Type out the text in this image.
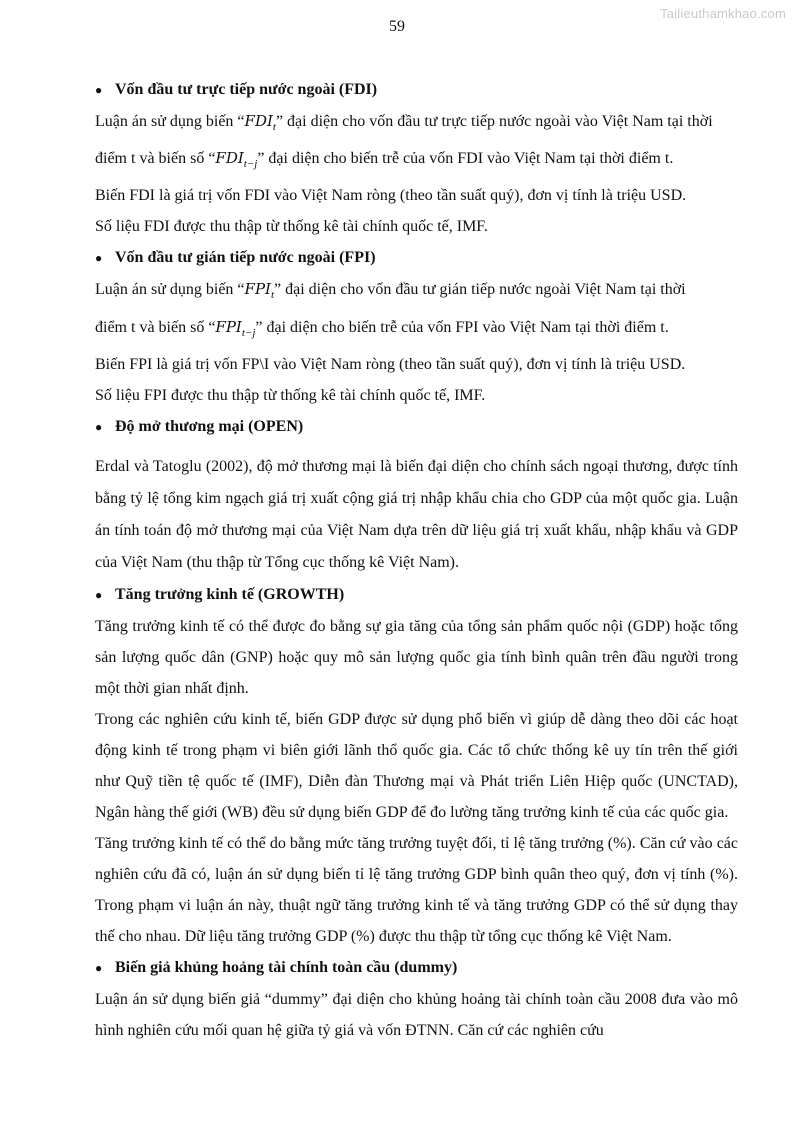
Tailieuthamkhao.com
59
● Vốn đầu tư trực tiếp nước ngoài (FDI)

Luận án sử dụng biến “$FDI_t$” đại diện cho vốn đầu tư trực tiếp nước ngoài vào Việt Nam tại thời

điểm t và biến số “$FDI_{t-j}$” đại diện cho biến trễ của vốn FDI vào Việt Nam tại thời điểm t.

Biến FDI là giá trị vốn FDI vào Việt Nam ròng (theo tần suất quý), đơn vị tính là triệu USD.

Số liệu FDI được thu thập từ thống kê tài chính quốc tế, IMF.

● Vốn đầu tư gián tiếp nước ngoài (FPI)

Luận án sử dụng biến “$FPI_t$” đại diện cho vốn đầu tư gián tiếp nước ngoài Việt Nam tại thời

điểm t và biến số “$FPI_{t-j}$” đại diện cho biến trễ của vốn FPI vào Việt Nam tại thời điểm t.

Biến FPI là giá trị vốn FP\I vào Việt Nam ròng (theo tần suất quý), đơn vị tính là triệu USD.

Số liệu FPI được thu thập từ thống kê tài chính quốc tế, IMF.

● Độ mở thương mại (OPEN)

Erdal và Tatoglu (2002), độ mở thương mại là biến đại diện cho chính sách ngoại thương, được tính bằng tỷ lệ tổng kim ngạch giá trị xuất cộng giá trị nhập khẩu chia cho GDP của một quốc gia. Luận án tính toán độ mở thương mại của Việt Nam dựa trên dữ liệu giá trị xuất khẩu, nhập khẩu và GDP của Việt Nam (thu thập từ Tổng cục thống kê Việt Nam).

● Tăng trưởng kinh tế (GROWTH)

Tăng trưởng kinh tế có thể được đo bằng sự gia tăng của tổng sản phẩm quốc nội (GDP) hoặc tổng sản lượng quốc dân (GNP) hoặc quy mô sản lượng quốc gia tính bình quân trên đầu người trong một thời gian nhất định.

Trong các nghiên cứu kinh tế, biến GDP được sử dụng phổ biến vì giúp dễ dàng theo dõi các hoạt động kinh tế trong phạm vi biên giới lãnh thổ quốc gia. Các tổ chức thống kê uy tín trên thế giới như Quỹ tiền tệ quốc tế (IMF), Diễn đàn Thương mại và Phát triển Liên Hiệp quốc (UNCTAD), Ngân hàng thế giới (WB) đều sử dụng biến GDP để đo lường tăng trưởng kinh tế của các quốc gia.

Tăng trưởng kinh tế có thể do bằng mức tăng trưởng tuyệt đối, tỉ lệ tăng trưởng (%). Căn cứ vào các nghiên cứu đã có, luận án sử dụng biến tỉ lệ tăng trưởng GDP bình quân theo quý, đơn vị tính (%). Trong phạm vi luận án này, thuật ngữ tăng trưởng kinh tế và tăng trưởng GDP có thể sử dụng thay thế cho nhau. Dữ liệu tăng trưởng GDP (%) được thu thập từ tổng cục thống kê Việt Nam.

● Biến giả khủng hoảng tài chính toàn cầu (dummy)

Luận án sử dụng biến giả “dummy” đại diện cho khủng hoảng tài chính toàn cầu 2008 đưa vào mô hình nghiên cứu mối quan hệ giữa tỷ giá và vốn ĐTNN. Căn cứ các nghiên cứu
